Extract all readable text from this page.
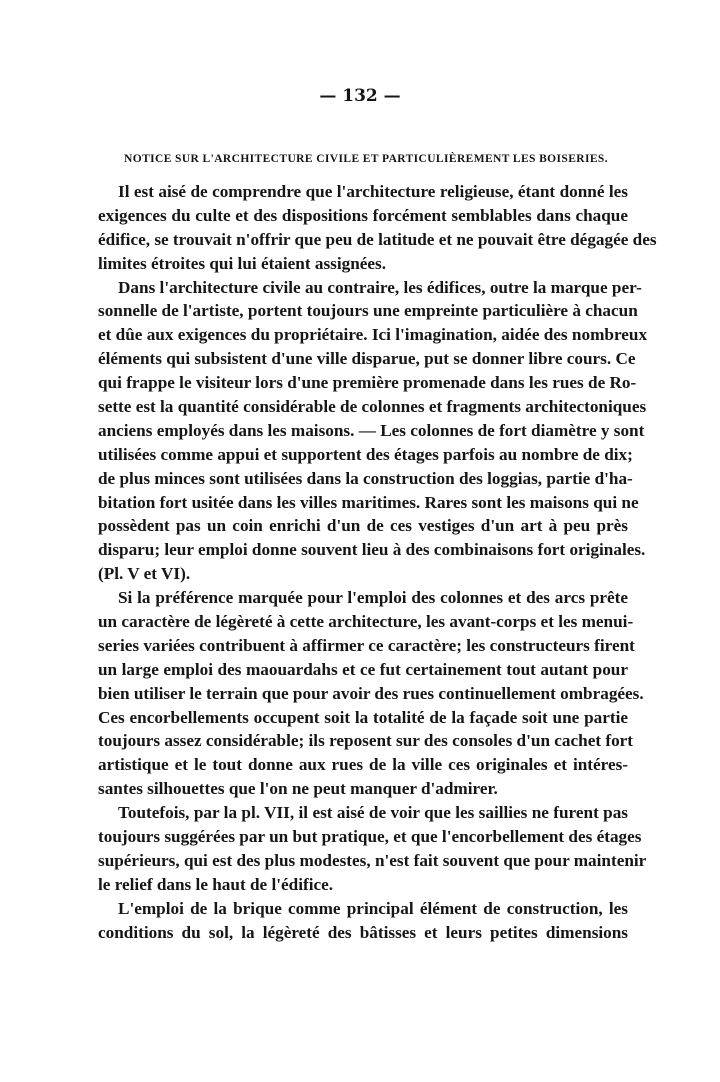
— 132 —
NOTICE SUR L'ARCHITECTURE CIVILE ET PARTICULIÈREMENT LES BOISERIES.

Il est aisé de comprendre que l'architecture religieuse, étant donné les
exigences du culte et des dispositions forcément semblables dans chaque
édifice, se trouvait n'offrir que peu de latitude et ne pouvait être dégagée des
limites étroites qui lui étaient assignées.

Dans l'architecture civile au contraire, les édifices, outre la marque per-
sonnelle de l'artiste, portent toujours une empreinte particulière à chacun
et dûe aux exigences du propriétaire. Ici l'imagination, aidée des nombreux
éléments qui subsistent d'une ville disparue, put se donner libre cours. Ce
qui frappe le visiteur lors d'une première promenade dans les rues de Ro-
sette est la quantité considérable de colonnes et fragments architectoniques
anciens employés dans les maisons. — Les colonnes de fort diamètre y sont
utilisées comme appui et supportent des étages parfois au nombre de dix;
de plus minces sont utilisées dans la construction des loggias, partie d'ha-
bitation fort usitée dans les villes maritimes. Rares sont les maisons qui ne
possèdent pas un coin enrichi d'un de ces vestiges d'un art à peu près
disparu; leur emploi donne souvent lieu à des combinaisons fort originales.
(Pl. V et VI).

Si la préférence marquée pour l'emploi des colonnes et des arcs prête
un caractère de légèreté à cette architecture, les avant-corps et les menui-
series variées contribuent à affirmer ce caractère; les constructeurs firent
un large emploi des maouardahs et ce fut certainement tout autant pour
bien utiliser le terrain que pour avoir des rues continuellement ombragées.
Ces encorbellements occupent soit la totalité de la façade soit une partie
toujours assez considérable; ils reposent sur des consoles d'un cachet fort
artistique et le tout donne aux rues de la ville ces originales et intéres-
santes silhouettes que l'on ne peut manquer d'admirer.

Toutefois, par la pl. VII, il est aisé de voir que les saillies ne furent pas
toujours suggérées par un but pratique, et que l'encorbellement des étages
supérieurs, qui est des plus modestes, n'est fait souvent que pour maintenir
le relief dans le haut de l'édifice.

L'emploi de la brique comme principal élément de construction, les
conditions du sol, la légèreté des bâtisses et leurs petites dimensions
